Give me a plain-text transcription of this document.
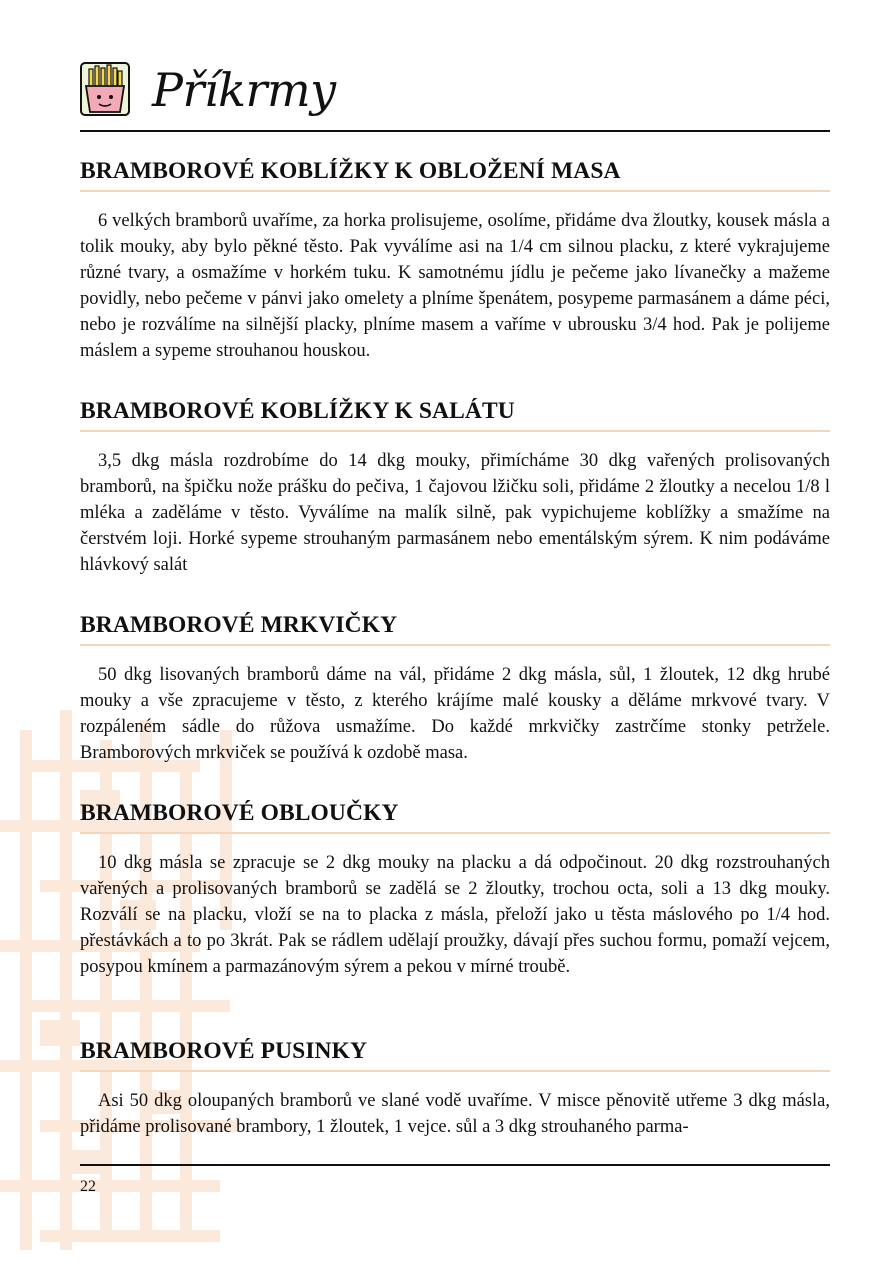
Příkrmy
BRAMBOROVÉ KOBLÍŽKY K OBLOŽENÍ MASA

6 velkých bramborů uvaříme, za horka prolisujeme, osolíme, přidáme dva žloutky, kousek másla a tolik mouky, aby bylo pěkné těsto. Pak vyválíme asi na 1/4 cm silnou placku, z které vykrajujeme různé tvary, a osmažíme v horkém tuku. K samotnému jídlu je pečeme jako lívanečky a mažeme povidly, nebo pečeme v pánvi jako omelety a plníme špenátem, posypeme parmasánem a dáme péci, nebo je rozválíme na silnější placky, plníme masem a vaříme v ubrousku 3/4 hod. Pak je polijeme máslem a sypeme strouhanou houskou.

BRAMBOROVÉ KOBLÍŽKY K SALÁTU

3,5 dkg másla rozdrobíme do 14 dkg mouky, přimícháme 30 dkg vařených prolisovaných bramborů, na špičku nože prášku do pečiva, 1 čajovou lžičku soli, přidáme 2 žloutky a necelou 1/8 l mléka a zaděláme v těsto. Vyválíme na malík silně, pak vypichujeme koblížky a smažíme na čerstvém loji. Horké sypeme strouhaným parmasánem nebo ementálským sýrem. K nim podáváme hlávkový salát

BRAMBOROVÉ MRKVIČKY

50 dkg lisovaných bramborů dáme na vál, přidáme 2 dkg másla, sůl, 1 žloutek, 12 dkg hrubé mouky a vše zpracujeme v těsto, z kterého krájíme malé kousky a děláme mrkvové tvary. V rozpáleném sádle do růžova usmažíme. Do každé mrkvičky zastrčíme stonky petržele. Bramborových mrkviček se používá k ozdobě masa.

BRAMBOROVÉ OBLOUČKY

10 dkg másla se zpracuje se 2 dkg mouky na placku a dá odpočinout. 20 dkg rozstrouhaných vařených a prolisovaných bramborů se zadělá se 2 žloutky, trochou octa, soli a 13 dkg mouky. Rozválí se na placku, vloží se na to placka z másla, přeloží jako u těsta máslového po 1/4 hod. přestávkách a to po 3krát. Pak se rádlem udělají proužky, dávají přes suchou formu, pomaží vejcem, posypou kmínem a parmazánovým sýrem a pekou v mírné troubě.

BRAMBOROVÉ PUSINKY

Asi 50 dkg oloupaných bramborů ve slané vodě uvaříme. V misce pěnovitě utřeme 3 dkg másla, přidáme prolisované brambory, 1 žloutek, 1 vejce. sůl a 3 dkg strouhaného parma-

22
